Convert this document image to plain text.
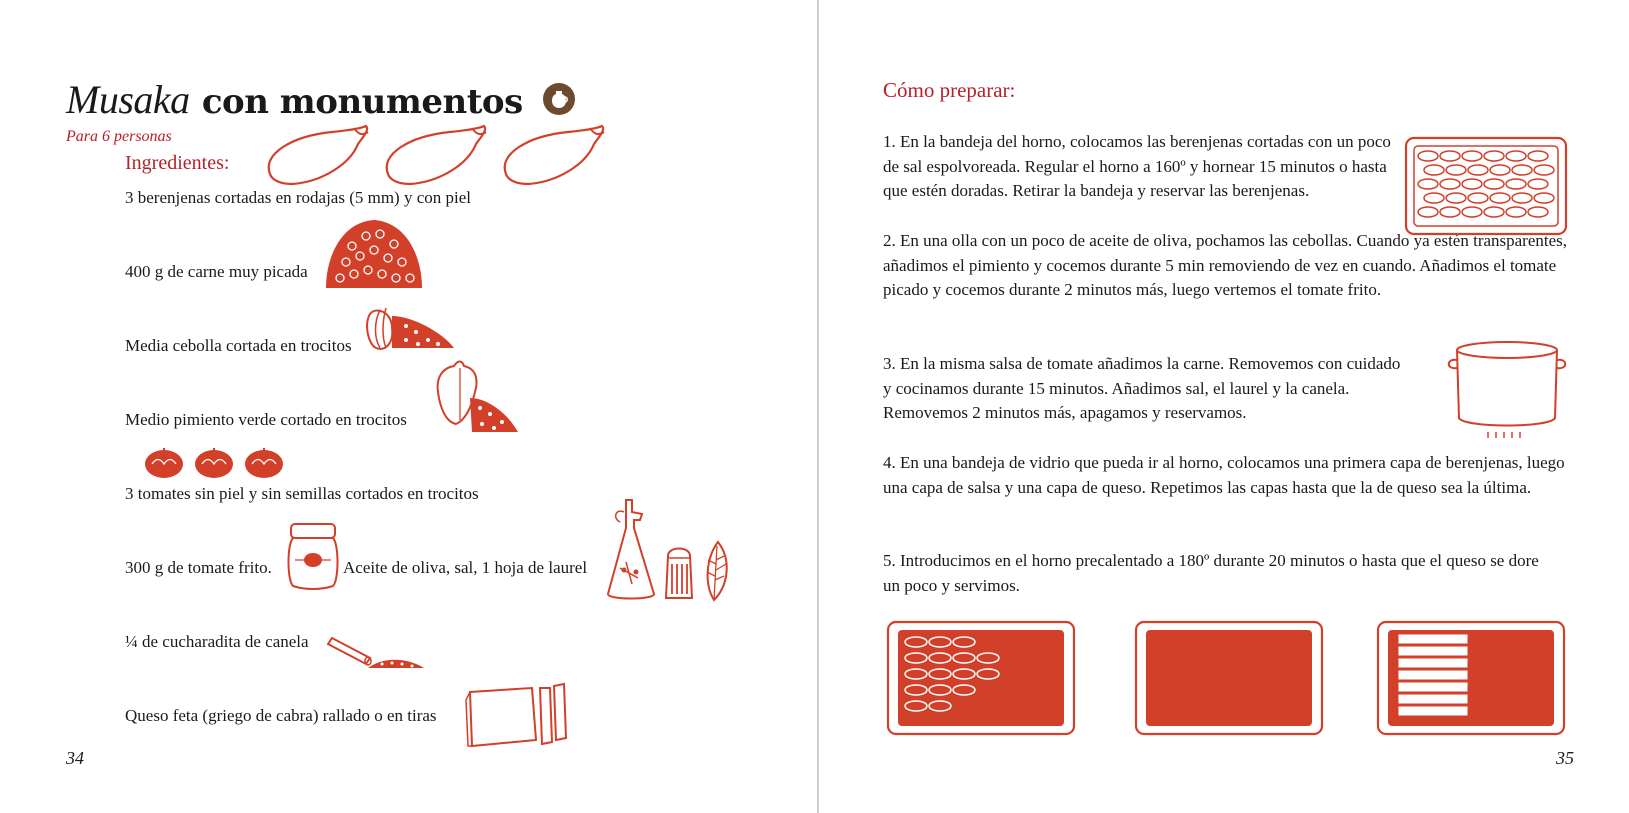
Musaka con monumentos
Para 6 personas
Ingredientes:
3 berenjenas cortadas en rodajas (5 mm) y con piel
400 g de carne muy picada
Media cebolla cortada en trocitos
Medio pimiento verde cortado en trocitos
3 tomates sin piel y sin semillas cortados en trocitos
300 g de tomate frito.	Aceite de oliva, sal, 1 hoja de laurel
¼ de cucharadita de canela
Queso feta (griego de cabra) rallado o en tiras
34
Cómo preparar:
1. En la bandeja del horno, colocamos las berenjenas cortadas con un poco de sal espolvoreada. Regular el horno a 160º y hornear 15 minutos o hasta que estén doradas. Retirar la bandeja y reservar las berenjenas.
2. En una olla con un poco de aceite de oliva, pochamos las cebollas. Cuando ya estén transparentes, añadimos el pimiento y cocemos durante 5 min removiendo de vez en cuando. Añadimos el tomate picado y cocemos durante 2 minutos más, luego vertemos el tomate frito.
3. En la misma salsa de tomate añadimos la carne. Removemos con cuidado y cocinamos durante 15 minutos. Añadimos sal, el laurel y la canela. Removemos 2 minutos más, apagamos y reservamos.
4. En una bandeja de vidrio que pueda ir al horno, colocamos una primera capa de berenjenas, luego una capa de salsa y una capa de queso. Repetimos las capas hasta que la de queso sea la última.
5. Introducimos en el horno precalentado a 180º durante 20 minutos o hasta que el queso se dore un poco y servimos.
35
